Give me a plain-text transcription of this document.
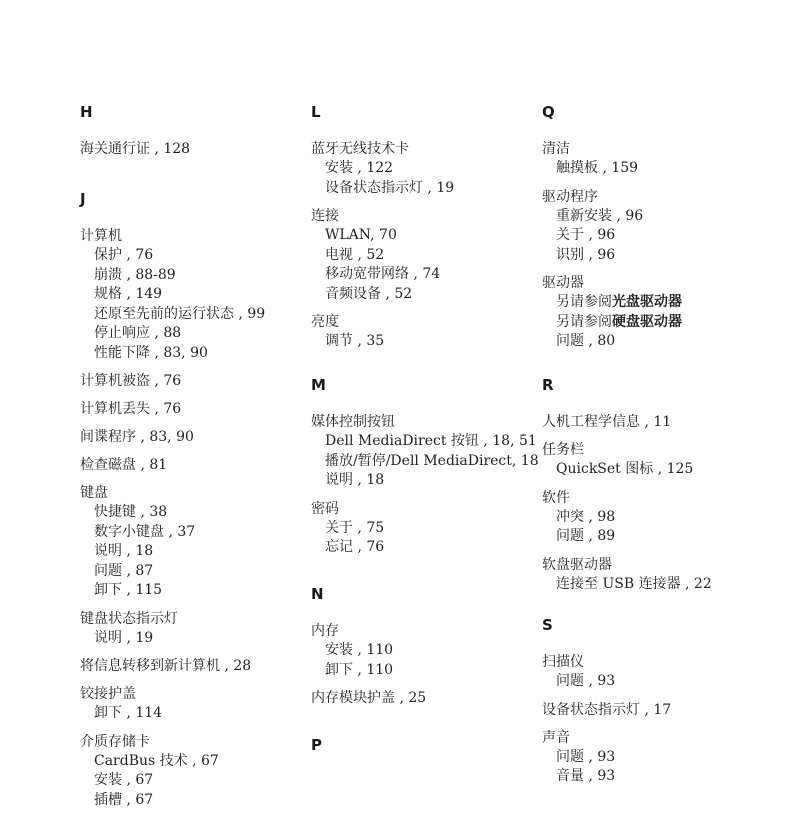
H
海关通行证 , 128
J
计算机
保护 , 76
崩溃 , 88-89
规格 , 149
还原至先前的运行状态 , 99
停止响应 , 88
性能下降 , 83, 90
计算机被盗 , 76
计算机丢失 , 76
间谍程序 , 83, 90
检查磁盘 , 81
键盘
快捷键 , 38
数字小键盘 , 37
说明 , 18
问题 , 87
卸下 , 115
键盘状态指示灯
说明 , 19
将信息转移到新计算机 , 28
铰接护盖
卸下 , 114
介质存储卡
CardBus 技术 , 67
安装 , 67
插槽 , 67
L
蓝牙无线技术卡
安装 , 122
设备状态指示灯 , 19
连接
WLAN, 70
电视 , 52
移动宽带网络 , 74
音频设备 , 52
亮度
调节 , 35
M
媒体控制按钮
Dell MediaDirect 按钮 , 18, 51
播放/暂停/Dell MediaDirect, 18
说明 , 18
密码
关于 , 75
忘记 , 76
N
内存
安装 , 110
卸下 , 110
内存模块护盖 , 25
P
Q
清洁
触摸板 , 159
驱动程序
重新安装 , 96
关于 , 96
识别 , 96
驱动器
另请参阅光盘驱动器
另请参阅硬盘驱动器
问题 , 80
R
人机工程学信息 , 11
任务栏
QuickSet 图标 , 125
软件
冲突 , 98
问题 , 89
软盘驱动器
连接至 USB 连接器 , 22
S
扫描仪
问题 , 93
设备状态指示灯 , 17
声音
问题 , 93
音量 , 93
